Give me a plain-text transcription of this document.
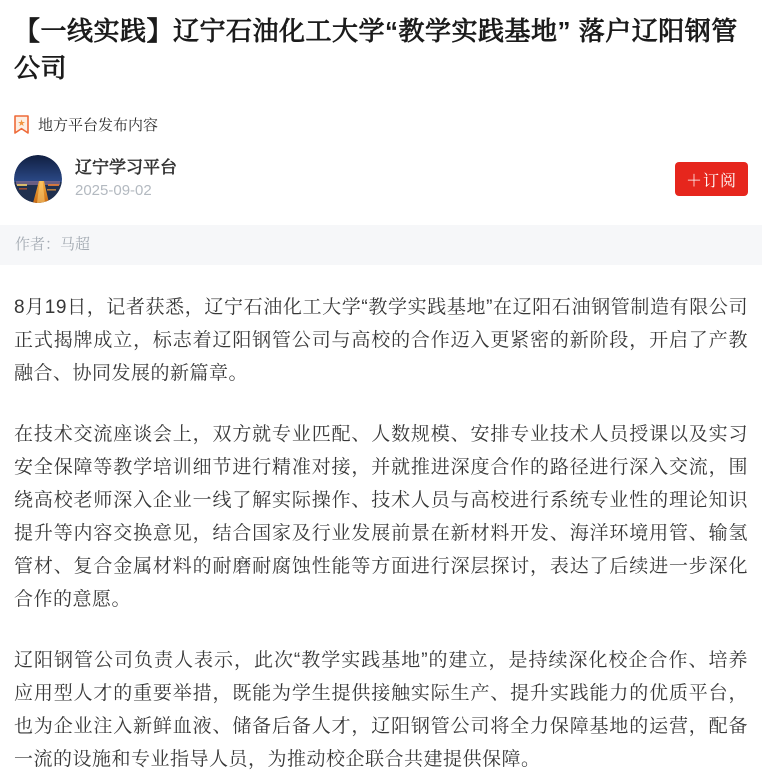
【一线实践】辽宁石油化工大学“教学实践基地” 落户辽阳钢管公司
★ 地方平台发布内容
辽宁学习平台
2025-09-02
＋订阅
作者：马超

8月19日，记者获悉，辽宁石油化工大学“教学实践基地”在辽阳石油钢管制造有限公司正式揭牌成立，标志着辽阳钢管公司与高校的合作迈入更紧密的新阶段，开启了产教融合、协同发展的新篇章。

在技术交流座谈会上，双方就专业匹配、人数规模、安排专业技术人员授课以及实习安全保障等教学培训细节进行精准对接，并就推进深度合作的路径进行深入交流，围绕高校老师深入企业一线了解实际操作、技术人员与高校进行系统专业性的理论知识提升等内容交换意见，结合国家及行业发展前景在新材料开发、海洋环境用管、输氢管材、复合金属材料的耐磨耐腐蚀性能等方面进行深层探讨，表达了后续进一步深化合作的意愿。

辽阳钢管公司负责人表示，此次“教学实践基地”的建立，是持续深化校企合作、培养应用型人才的重要举措，既能为学生提供接触实际生产、提升实践能力的优质平台，也为企业注入新鲜血液、储备后备人才，辽阳钢管公司将全力保障基地的运营，配备一流的设施和专业指导人员，为推动校企联合共建提供保障。
